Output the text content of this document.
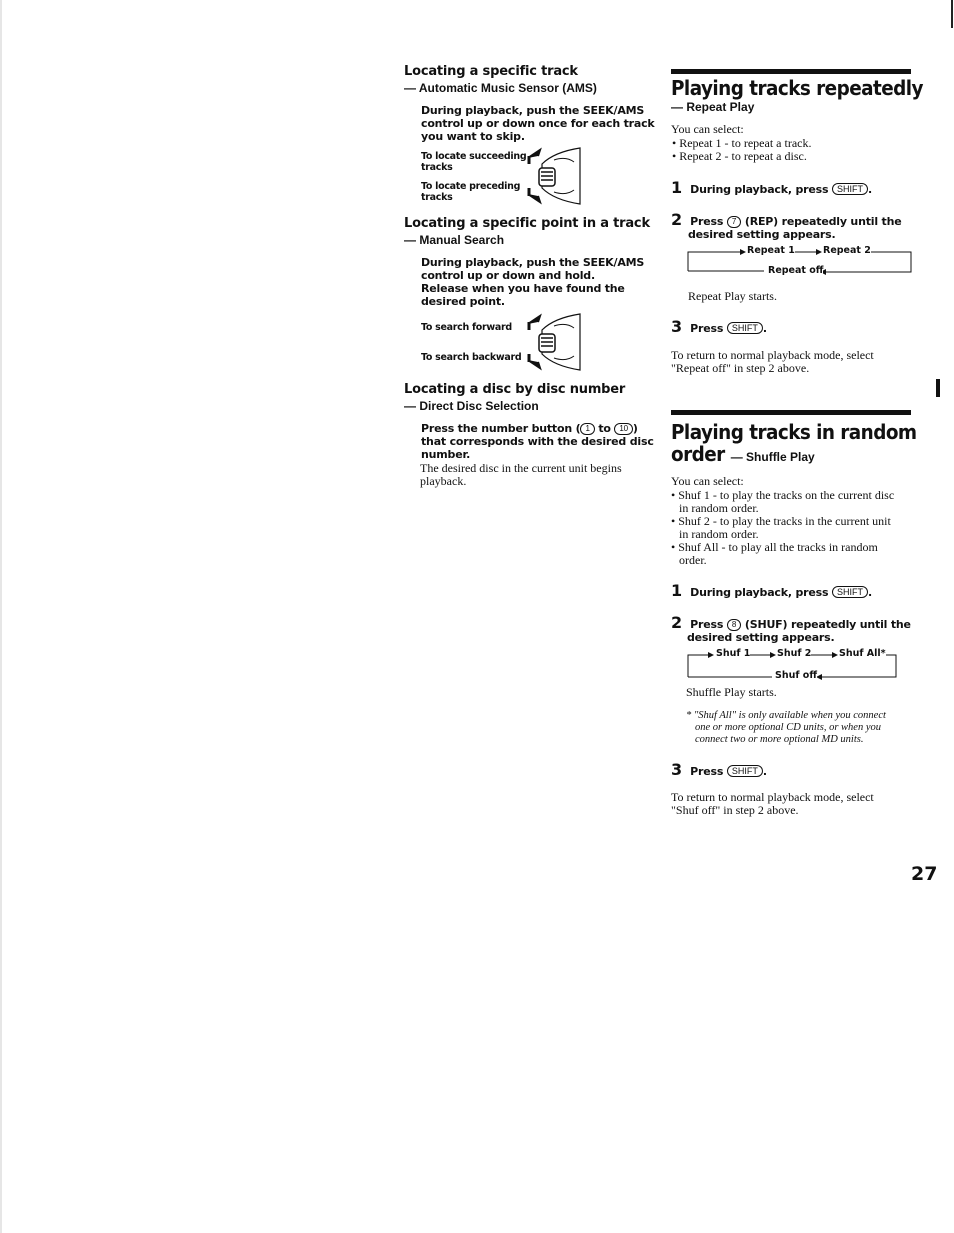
Locating a specific track
— Automatic Music Sensor (AMS)
During playback, push the SEEK/AMS
control up or down once for each track
you want to skip.
To locate succeeding
tracks
To locate preceding
tracks
Locating a specific point in a track
— Manual Search
During playback, push the SEEK/AMS
control up or down and hold.
Release when you have found the
desired point.
To search forward
To search backward
Locating a disc by disc number
— Direct Disc Selection
Press the number button ( 1 to 10 )
that corresponds with the desired disc
number.
The desired disc in the current unit begins
playback.
Playing tracks repeatedly
— Repeat Play
You can select:
• Repeat 1 - to repeat a track.
• Repeat 2 - to repeat a disc.
1 During playback, press SHIFT .
2 Press 7 (REP) repeatedly until the
desired setting appears.
Repeat 1	Repeat 2
Repeat off
Repeat Play starts.
3 Press SHIFT .
To return to normal playback mode, select
"Repeat off" in step 2 above.
Playing tracks in random
order — Shuffle Play
You can select:
• Shuf 1 - to play the tracks on the current disc
in random order.
• Shuf 2 - to play the tracks in the current unit
in random order.
• Shuf All - to play all the tracks in random
order.
1 During playback, press SHIFT .
2 Press 8 (SHUF) repeatedly until the
desired setting appears.
Shuf 1	Shuf 2	Shuf All*
Shuf off
Shuffle Play starts.
* "Shuf All" is only available when you connect
one or more optional CD units, or when you
connect two or more optional MD units.
3 Press SHIFT .
To return to normal playback mode, select
"Shuf off" in step 2 above.
27
